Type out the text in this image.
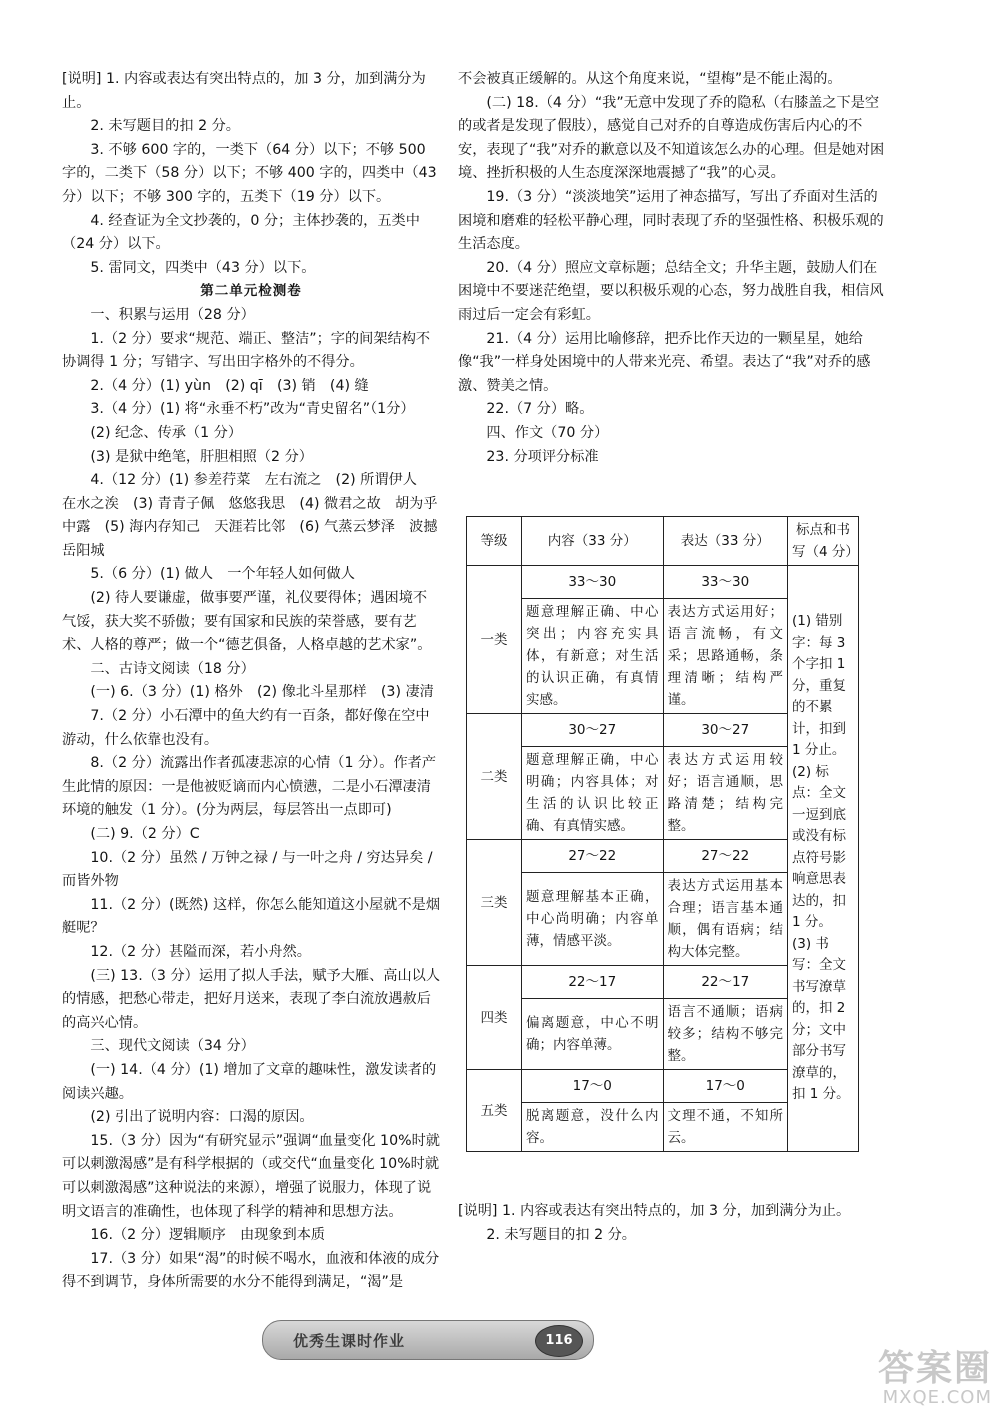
[说明] 1. 内容或表达有突出特点的，加 3 分，加到满分为止。

2. 未写题目的扣 2 分。

3. 不够 600 字的，一类下（64 分）以下；不够 500 字的，二类下（58 分）以下；不够 400 字的，四类中（43 分）以下；不够 300 字的，五类下（19 分）以下。

4. 经查证为全文抄袭的，0 分；主体抄袭的，五类中（24 分）以下。

5. 雷同文，四类中（43 分）以下。

第二单元检测卷

一、积累与运用（28 分）

1.（2 分）要求“规范、端正、整洁”；字的间架结构不协调得 1 分；写错字、写出田字格外的不得分。

2.（4 分）(1) yùn　(2) qī　(3) 销　(4) 缝

3.（4 分）(1) 将“永垂不朽”改为“青史留名”（1分）

(2) 纪念、传承（1 分）

(3) 是狱中绝笔，肝胆相照（2 分）

4.（12 分）(1) 参差荇菜　左右流之　(2) 所谓伊人　在水之涘　(3) 青青子佩　悠悠我思　(4) 微君之故　胡为乎中露　(5) 海内存知己　天涯若比邻　(6) 气蒸云梦泽　波撼岳阳城

5.（6 分）(1) 做人　一个年轻人如何做人

(2) 待人要谦虚，做事要严谨，礼仪要得体；遇困境不气馁，获大奖不骄傲；要有国家和民族的荣誉感，要有艺术、人格的尊严；做一个“德艺俱备，人格卓越的艺术家”。

二、古诗文阅读（18 分）

(一) 6.（3 分）(1) 格外　(2) 像北斗星那样　(3) 凄清

7.（2 分）小石潭中的鱼大约有一百条，都好像在空中游动，什么依靠也没有。

8.（2 分）流露出作者孤凄悲凉的心情（1 分）。作者产生此情的原因：一是他被贬谪而内心愤懑，二是小石潭凄清环境的触发（1 分）。(分为两层，每层答出一点即可)

(二) 9.（2 分）C

10.（2 分）虽然 / 万钟之禄 / 与一叶之舟 / 穷达异矣 / 而皆外物

11.（2 分）(既然) 这样，你怎么能知道这小屋就不是烟艇呢？

12.（2 分）甚隘而深，若小舟然。

(三) 13.（3 分）运用了拟人手法，赋予大雁、高山以人的情感，把愁心带走，把好月送来，表现了李白流放遇赦后的高兴心情。

三、现代文阅读（34 分）

(一) 14.（4 分）(1) 增加了文章的趣味性，激发读者的阅读兴趣。

(2) 引出了说明内容：口渴的原因。

15.（3 分）因为“有研究显示”强调“血量变化 10%时就可以刺激渴感”是有科学根据的（或交代“血量变化 10%时就可以刺激渴感”这种说法的来源），增强了说服力，体现了说明文语言的准确性，也体现了科学的精神和思想方法。

16.（2 分）逻辑顺序　由现象到本质

17.（3 分）如果“渴”的时候不喝水，血液和体液的成分得不到调节，身体所需要的水分不能得到满足，“渴”是

不会被真正缓解的。从这个角度来说，“望梅”是不能止渴的。

(二) 18.（4 分）“我”无意中发现了乔的隐私（右膝盖之下是空的或者是发现了假肢），感觉自己对乔的自尊造成伤害后内心的不安，表现了“我”对乔的歉意以及不知道该怎么办的心理。但是她对困境、挫折积极的人生态度深深地震撼了“我”的心灵。

19.（3 分）“淡淡地笑”运用了神态描写，写出了乔面对生活的困境和磨难的轻松平静心理，同时表现了乔的坚强性格、积极乐观的生活态度。

20.（4 分）照应文章标题；总结全文；升华主题，鼓励人们在困境中不要迷茫绝望，要以积极乐观的心态，努力战胜自我，相信风雨过后一定会有彩虹。

21.（4 分）运用比喻修辞，把乔比作天边的一颗星星，她给像“我”一样身处困境中的人带来光亮、希望。表达了“我”对乔的感激、赞美之情。

22.（7 分）略。

四、作文（70 分）

23. 分项评分标准

等级	内容（33 分）	表达（33 分）	标点和书写（4 分）
一类	33～30	33～30	(1) 错别字：每 3 个字扣 1 分，重复的不累计，扣到 1 分止。
(2) 标点：全文一逗到底或没有标点符号影响意思表达的，扣 1 分。
(3) 书写：全文书写潦草的，扣 2 分；文中部分书写潦草的，扣 1 分。

	题意理解正确、中心突出；内容充实具体，有新意；对生活的认识正确，有真情实感。	表达方式运用好；语言流畅，有文采；思路通畅，条理清晰；结构严谨。	
二类	30～27	30～27	
	题意理解正确，中心明确；内容具体；对生活的认识比较正确、有真情实感。	表达方式运用较好；语言通顺，思路清楚；结构完整。	
三类	27～22	27～22	
	题意理解基本正确，中心尚明确；内容单薄，情感平淡。	表达方式运用基本合理；语言基本通顺，偶有语病；结构大体完整。	
四类	22～17	22～17	
	偏离题意，中心不明确；内容单薄。	语言不通顺；语病较多；结构不够完整。	
五类	17～0	17～0	
	脱离题意，没什么内容。	文理不通，不知所云。	

[说明] 1. 内容或表达有突出特点的，加 3 分，加到满分为止。

2. 未写题目的扣 2 分。

优秀生课时作业	116
答案圈
MXQE.COM
